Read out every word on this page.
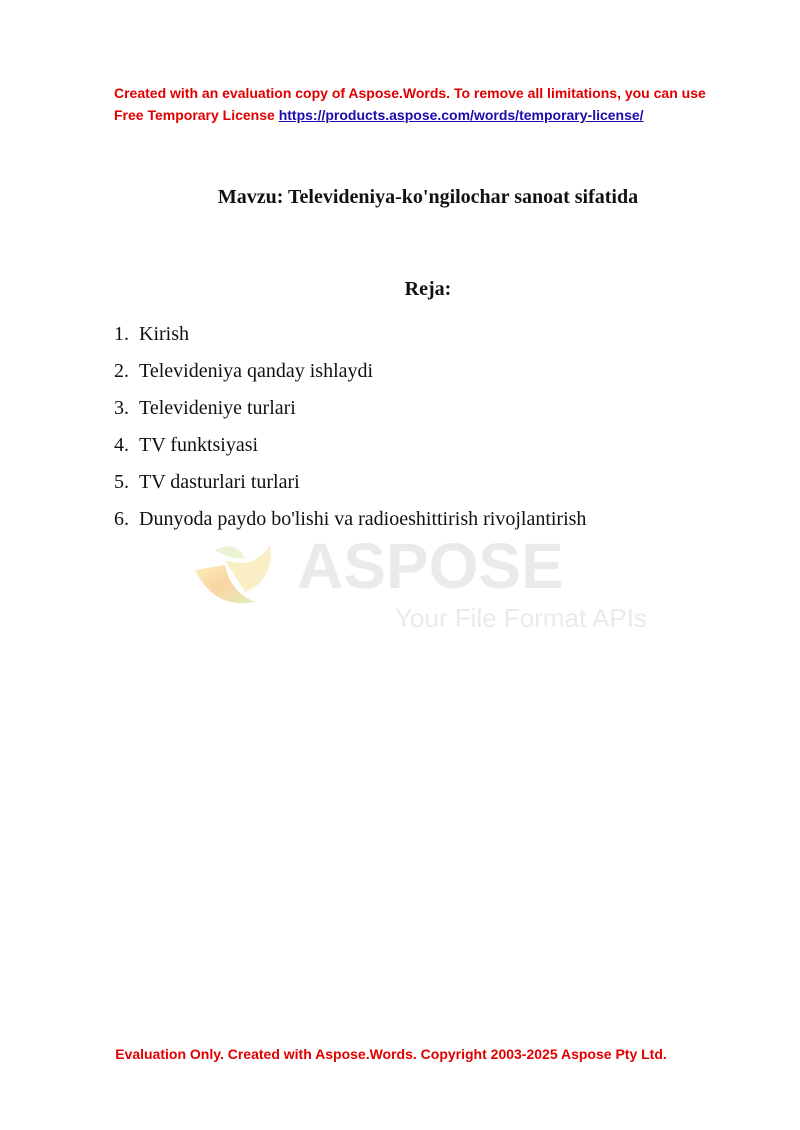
Created with an evaluation copy of Aspose.Words. To remove all limitations, you can use
Free Temporary License https://products.aspose.com/words/temporary-license/
Mavzu: Televideniya-ko'ngilochar sanoat sifatida
Reja:
1. Kirish
2. Televideniya qanday ishlaydi
3. Televideniye turlari
4. TV funktsiyasi
5. TV dasturlari turlari
6. Dunyoda paydo bo'lishi va radioeshittirish rivojlantirish
ASPOSE
Your File Format APIs
Evaluation Only. Created with Aspose.Words. Copyright 2003-2025 Aspose Pty Ltd.
